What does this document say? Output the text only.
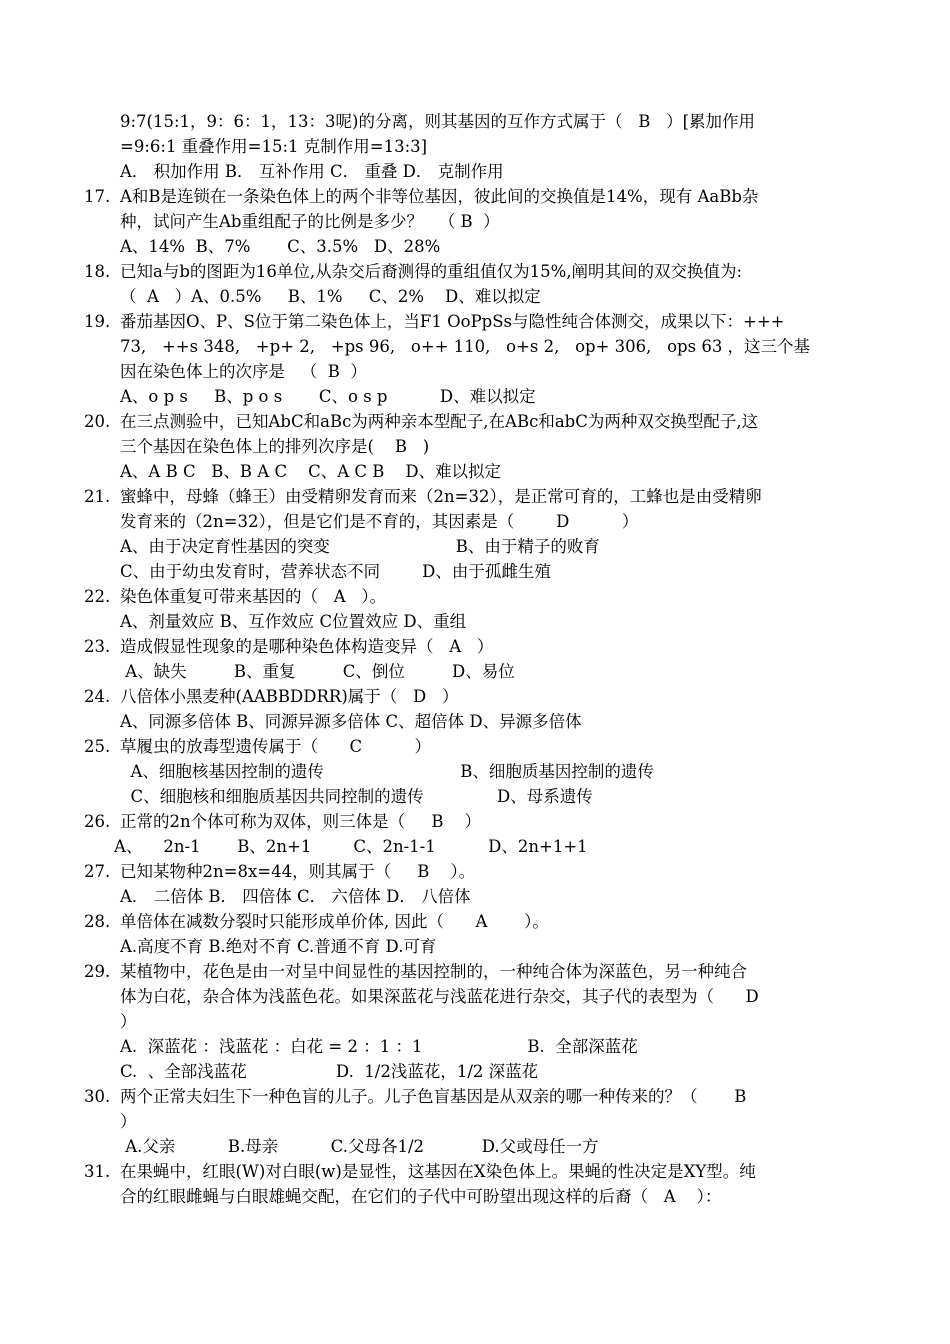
9:7(15:1，9：6：1，13：3呢)的分离，则其基因的互作方式属于（   B   ）[累加作用
=9:6:1 重叠作用=15:1 克制作用=13:3]
A． 积加作用 B． 互补作用 C． 重叠 D． 克制作用
17. A和B是连锁在一条染色体上的两个非等位基因，彼此间的交换值是14%，现有 AaBb杂
种，试问产生Ab重组配子的比例是多少？   （ B  ）
A、14%  B、7%       C、3.5%   D、28%
18. 已知a与b的图距为16单位,从杂交后裔测得的重组值仅为15%,阐明其间的双交换值为:
（  A   ）A、0.5%     B、1%     C、2%    D、难以拟定
19. 番茄基因O、P、S位于第二染色体上，当F1 OoPpSs与隐性纯合体测交，成果以下：+++
73,   ++s 348,   +p+ 2,   +ps 96,   o++ 110,   o+s 2,   op+ 306,   ops 63 ，这三个基
因在染色体上的次序是   （  B  ）
A、o p s     B、p o s       C、o s p          D、难以拟定
20. 在三点测验中，已知AbC和aBc为两种亲本型配子,在ABc和abC为两种双交换型配子,这
三个基因在染色体上的排列次序是(    B   )
A、A B C   B、B A C    C、A C B    D、难以拟定
21. 蜜蜂中，母蜂（蜂王）由受精卵发育而来（2n=32），是正常可育的，工蜂也是由受精卵
发育来的（2n=32），但是它们是不育的，其因素是（        D          ）
A、由于决定育性基因的突变                        B、由于精子的败育
C、由于幼虫发育时，营养状态不同        D、由于孤雌生殖
22. 染色体重复可带来基因的（   A   ）。
A、剂量效应 B、互作效应 C位置效应 D、重组
23. 造成假显性现象的是哪种染色体构造变异（   A   ）
A、缺失         B、重复         C、倒位         D、易位
24. 八倍体小黑麦种(AABBDDRR)属于（   D   ）
A、同源多倍体 B、同源异源多倍体 C、超倍体 D、异源多倍体
25. 草履虫的放毒型遗传属于（      C          ）
A、细胞核基因控制的遗传                          B、细胞质基因控制的遗传
C、细胞核和细胞质基因共同控制的遗传              D、母系遗传
26. 正常的2n个体可称为双体，则三体是（     B    ）
A、    2n-1       B、2n+1        C、2n-1-1          D、2n+1+1
27. 已知某物种2n=8x=44，则其属于（     B    ）。
A． 二倍体 B． 四倍体 C． 六倍体 D． 八倍体
28. 单倍体在减数分裂时只能形成单价体, 因此（      A       ）。
A.高度不育 B.绝对不育 C.普通不育 D.可育
29. 某植物中，花色是由一对呈中间显性的基因控制的，一种纯合体为深蓝色，另一种纯合
体为白花，杂合体为浅蓝色花。如果深蓝花与浅蓝花进行杂交，其子代的表型为（      D
）
A.  深蓝花 ：浅蓝花 ：白花 = 2 ：1 ：1                    B.  全部深蓝花
C.  、全部浅蓝花                 D.  1/2浅蓝花，1/2 深蓝花
30. 两个正常夫妇生下一种色盲的儿子。儿子色盲基因是从双亲的哪一种传来的？（       B
）
A.父亲          B.母亲          C.父母各1/2           D.父或母任一方
31. 在果蝇中，红眼(W)对白眼(w)是显性，这基因在X染色体上。果蝇的性决定是XY型。纯
合的红眼雌蝇与白眼雄蝇交配，在它们的子代中可盼望出现这样的后裔（   A    ）：
